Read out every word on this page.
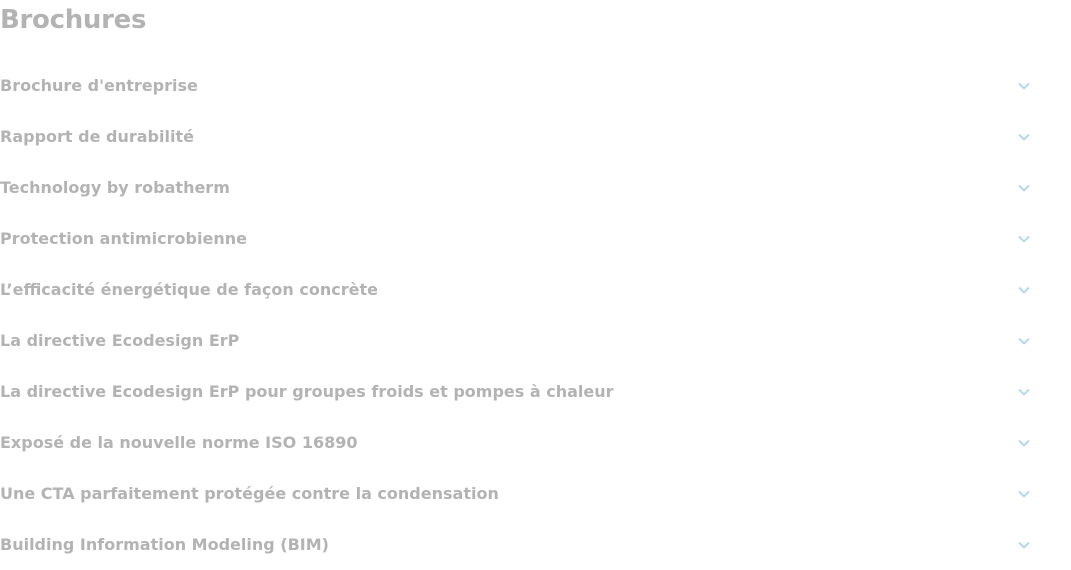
Brochures
Brochure d'entreprise
Rapport de durabilité
Technology by robatherm
Protection antimicrobienne
L’efficacité énergétique de façon concrète
La directive Ecodesign ErP
La directive Ecodesign ErP pour groupes froids et pompes à chaleur
Exposé de la nouvelle norme ISO 16890
Une CTA parfaitement protégée contre la condensation
Building Information Modeling (BIM)
